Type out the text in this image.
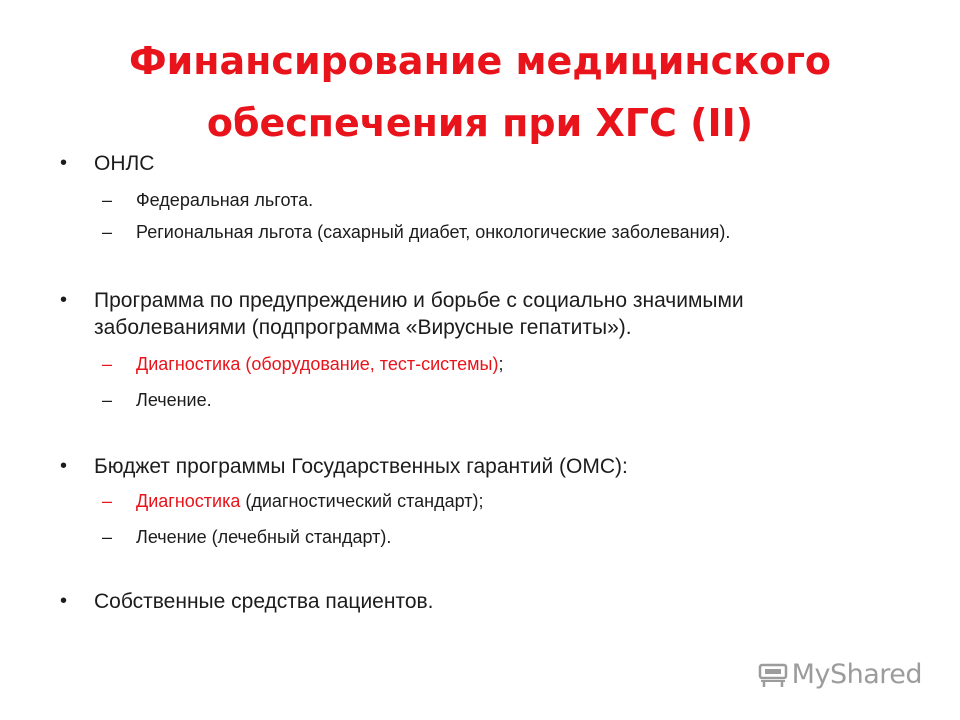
Финансирование медицинского обеспечения при ХГС (II)
• ОНЛС
– Федеральная льгота.
– Региональная льгота (сахарный диабет, онкологические заболевания).
• Программа по предупреждению и борьбе с социально значимыми заболеваниями (подпрограмма «Вирусные гепатиты»).
– Диагностика (оборудование, тест-системы);
– Лечение.
• Бюджет программы Государственных гарантий (ОМС):
– Диагностика (диагностический стандарт);
– Лечение (лечебный стандарт).
• Собственные средства пациентов.
MyShared
